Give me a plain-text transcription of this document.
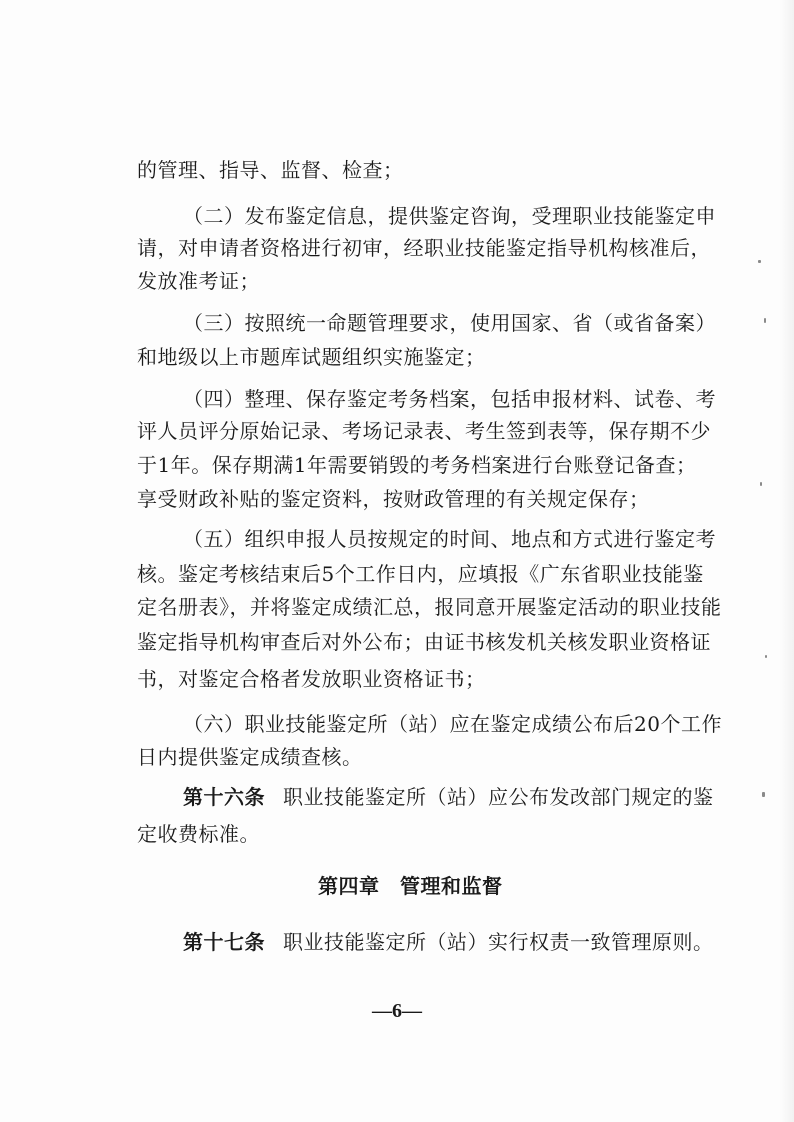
的管理、指导、监督、检查；
（二）发布鉴定信息，提供鉴定咨询，受理职业技能鉴定申
请，对申请者资格进行初审，经职业技能鉴定指导机构核准后，
发放准考证；
（三）按照统一命题管理要求，使用国家、省（或省备案）
和地级以上市题库试题组织实施鉴定；
（四）整理、保存鉴定考务档案，包括申报材料、试卷、考
评人员评分原始记录、考场记录表、考生签到表等，保存期不少
于1年。保存期满1年需要销毁的考务档案进行台账登记备查；
享受财政补贴的鉴定资料，按财政管理的有关规定保存；
（五）组织申报人员按规定的时间、地点和方式进行鉴定考
核。鉴定考核结束后5个工作日内，应填报《广东省职业技能鉴
定名册表》，并将鉴定成绩汇总，报同意开展鉴定活动的职业技能
鉴定指导机构审查后对外公布；由证书核发机关核发职业资格证
书，对鉴定合格者发放职业资格证书；
（六）职业技能鉴定所（站）应在鉴定成绩公布后20个工作
日内提供鉴定成绩查核。
第十六条 职业技能鉴定所（站）应公布发改部门规定的鉴
定收费标准。
第四章　管理和监督
第十七条 职业技能鉴定所（站）实行权责一致管理原则。
—6—
